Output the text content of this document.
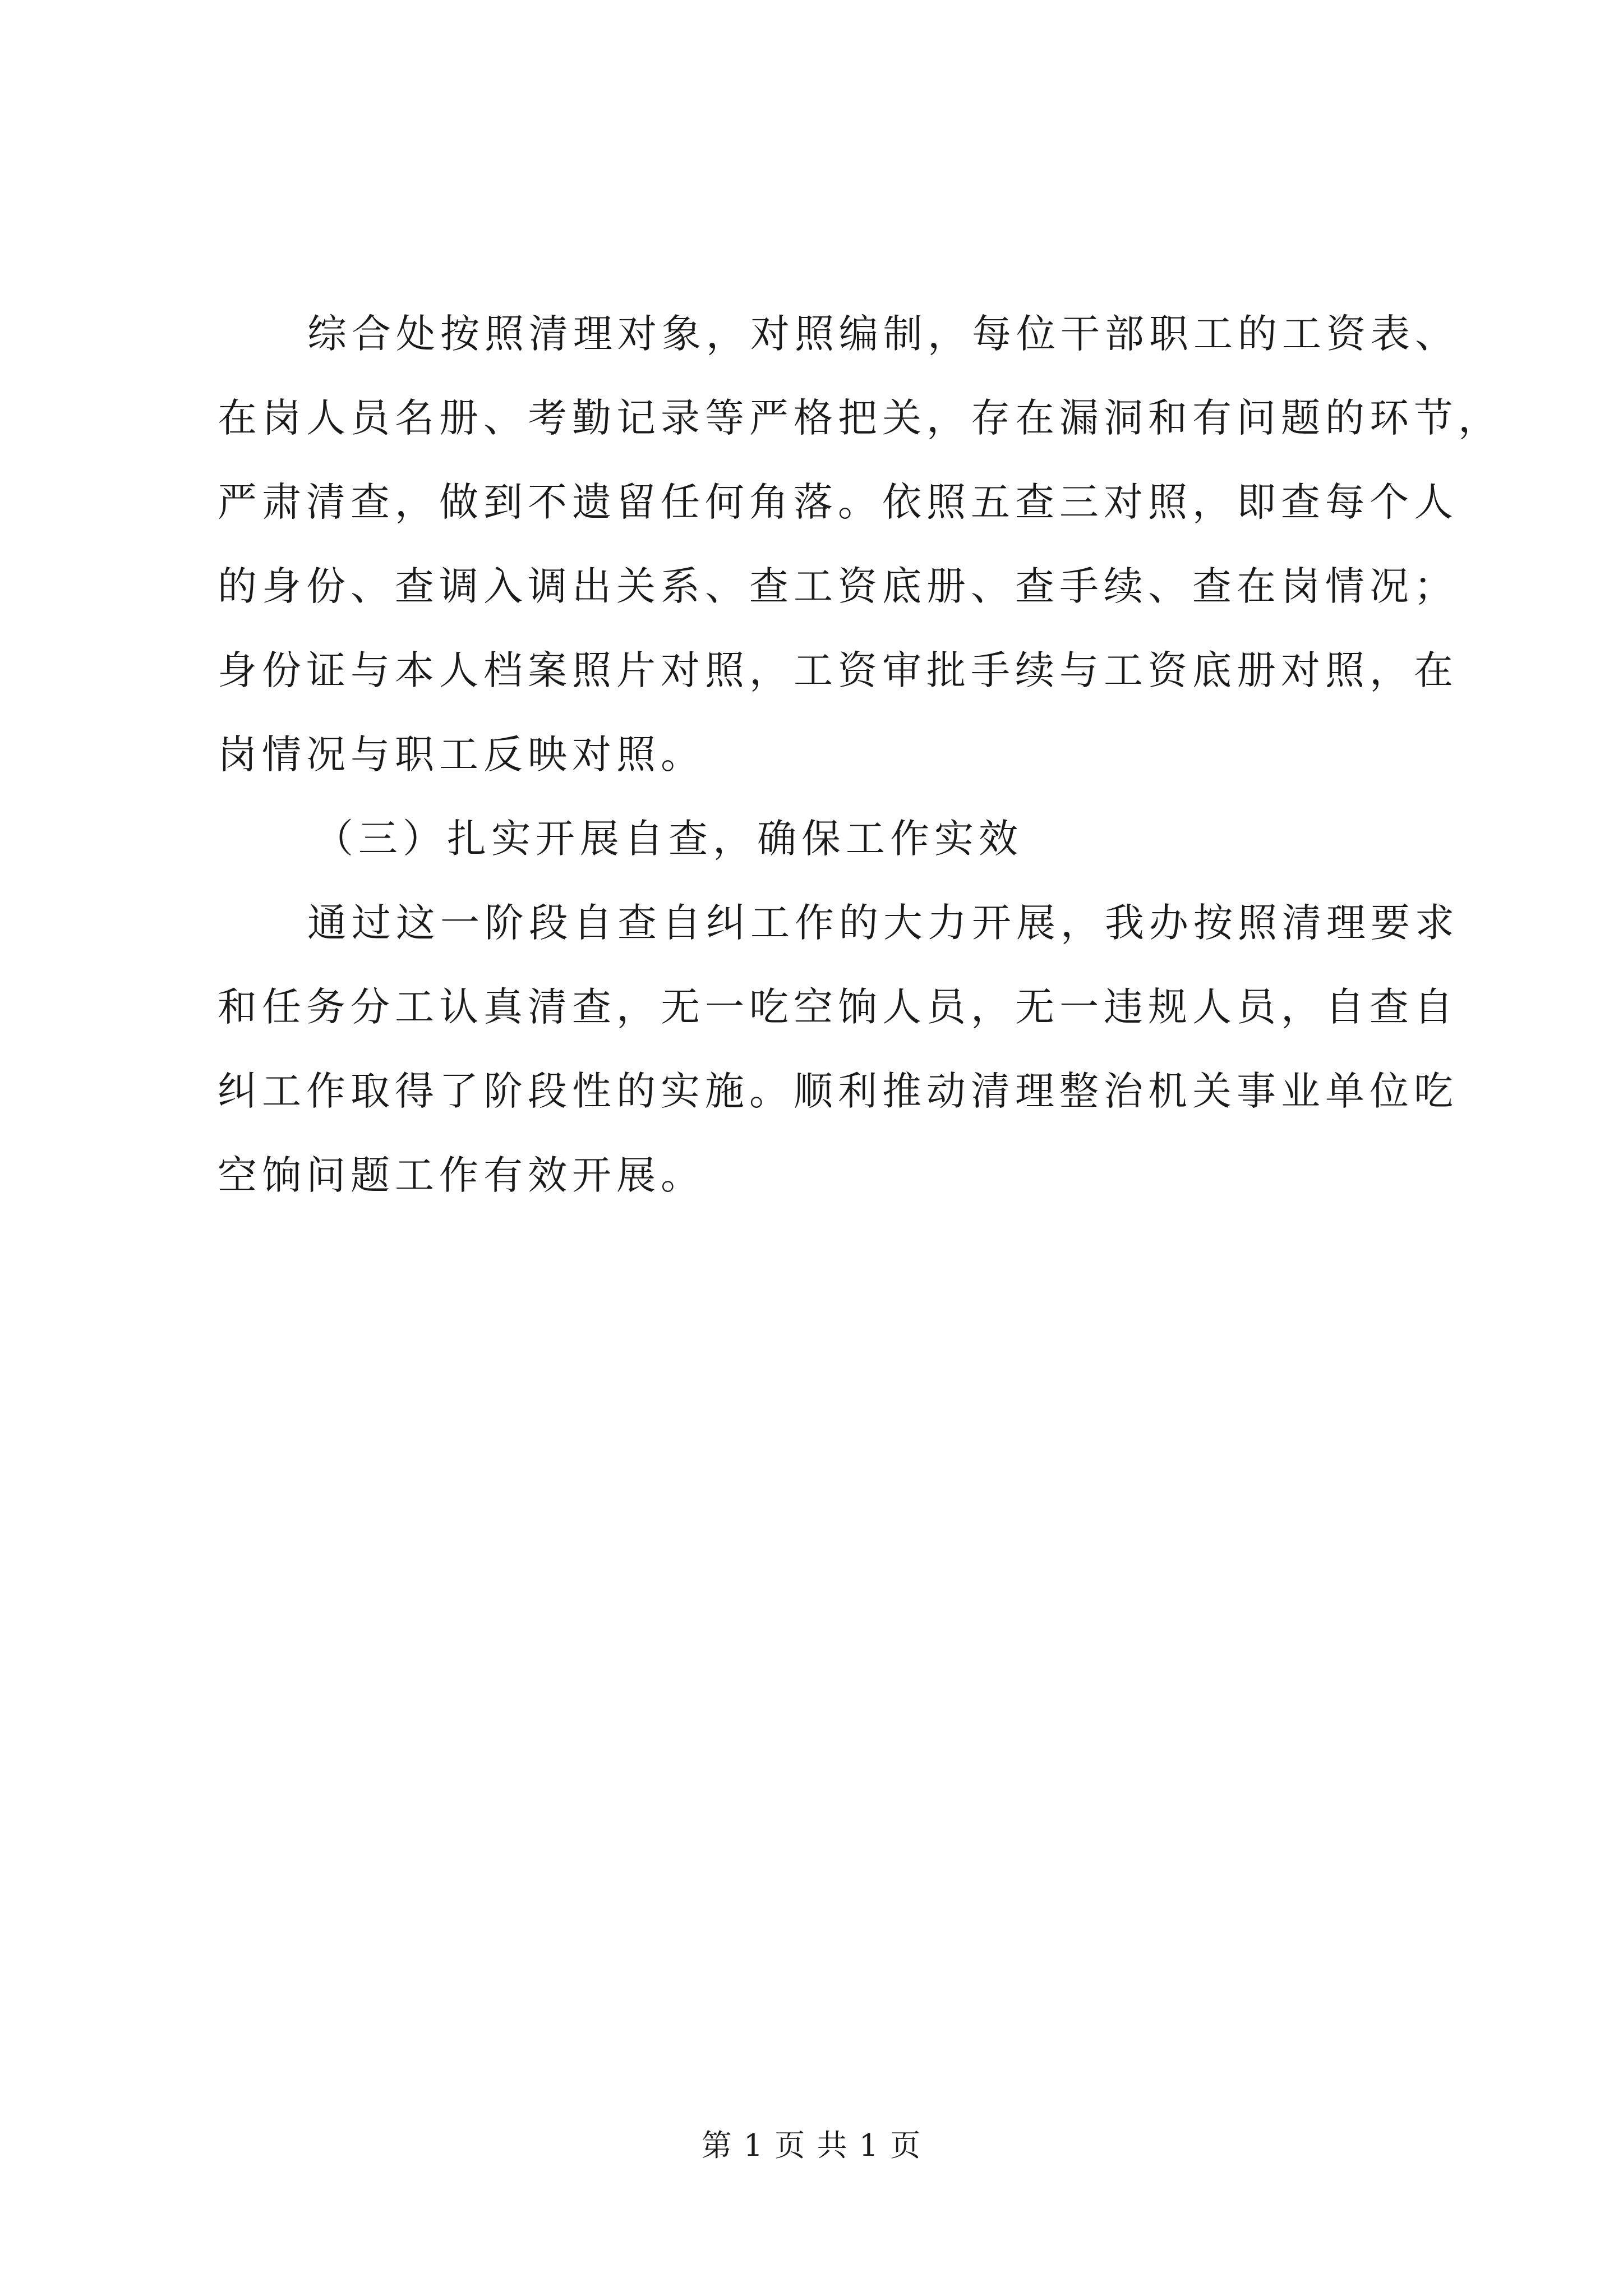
综合处按照清理对象，对照编制，每位干部职工的工资表、
在岗人员名册、考勤记录等严格把关，存在漏洞和有问题的环节，
严肃清查，做到不遗留任何角落。依照五查三对照，即查每个人
的身份、查调入调出关系、查工资底册、查手续、查在岗情况；
身份证与本人档案照片对照，工资审批手续与工资底册对照，在
岗情况与职工反映对照。
（三）扎实开展自查，确保工作实效
通过这一阶段自查自纠工作的大力开展，我办按照清理要求
和任务分工认真清查，无一吃空饷人员，无一违规人员，自查自
纠工作取得了阶段性的实施。顺利推动清理整治机关事业单位吃
空饷问题工作有效开展。
第 1 页 共 1 页
